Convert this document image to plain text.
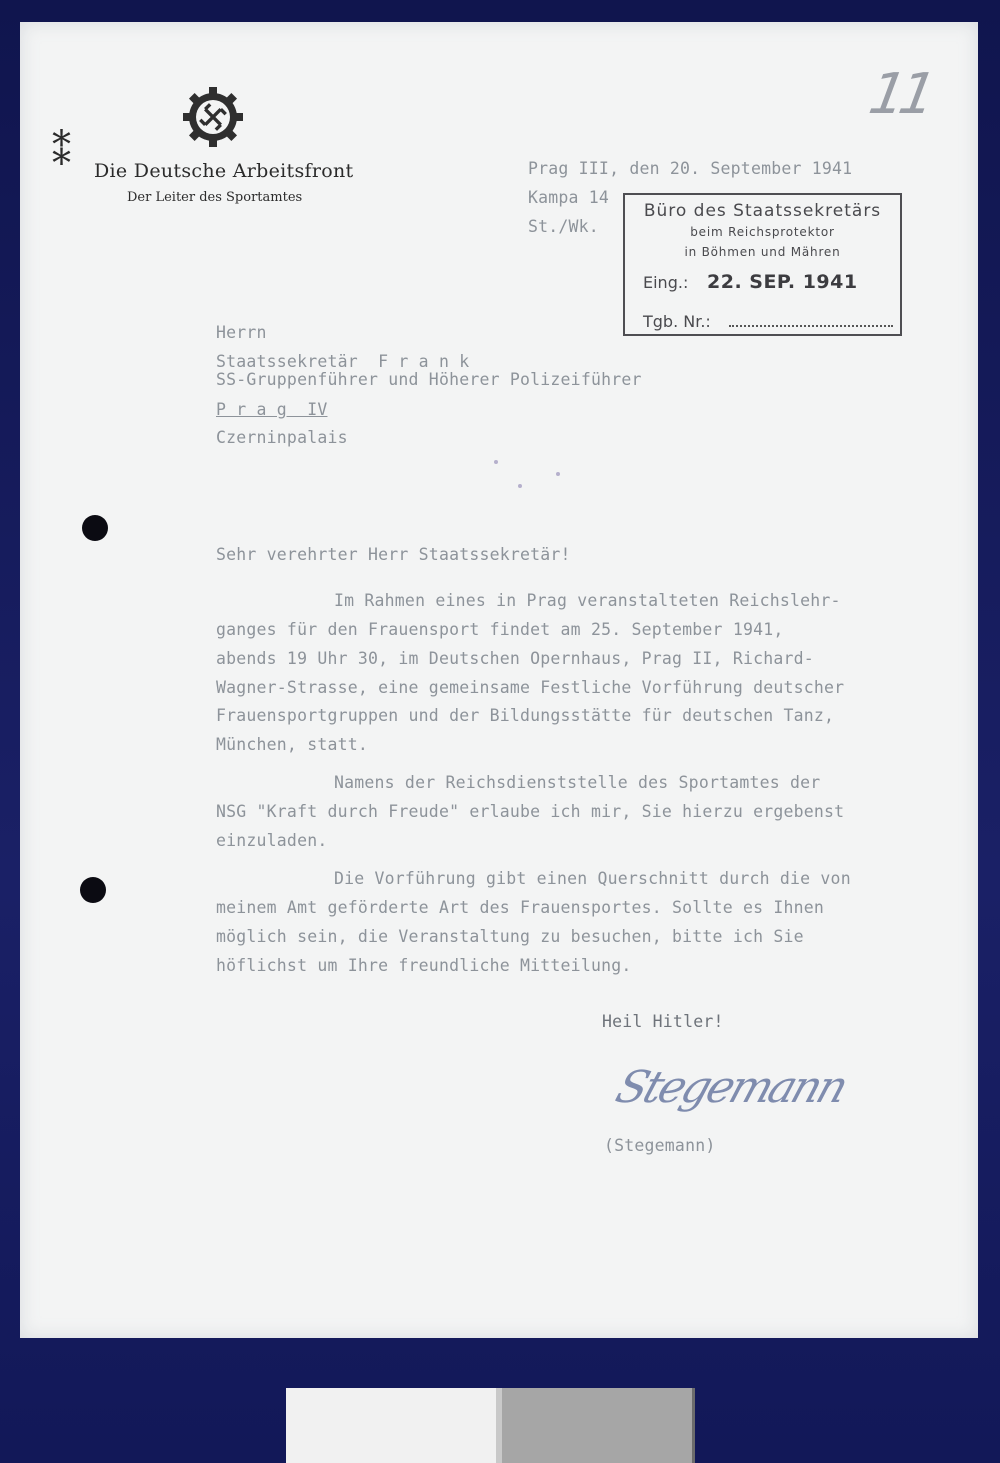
⁑ Die Deutsche Arbeitsfront
Der Leiter des Sportamtes
11
Prag III, den 20. September 1941
Kampa 14
St./Wk.
Büro des Staatssekretärs
beim Reichsprotektor
in Böhmen und Mähren
Eing.: 22. SEP. 1941
Tgb. Nr.:
Herrn
Staatssekretär  F r a n k
SS-Gruppenführer und Höherer Polizeiführer
P r a g  IV
Czerninpalais
Sehr verehrter Herr Staatssekretär!
Im Rahmen eines in Prag veranstalteten Reichslehr-
ganges für den Frauensport findet am 25. September 1941,
abends 19 Uhr 30, im Deutschen Opernhaus, Prag II, Richard-
Wagner-Strasse, eine gemeinsame Festliche Vorführung deutscher
Frauensportgruppen und der Bildungsstätte für deutschen Tanz,
München, statt.
Namens der Reichsdienststelle des Sportamtes der
NSG "Kraft durch Freude" erlaube ich mir, Sie hierzu ergebenst
einzuladen.
Die Vorführung gibt einen Querschnitt durch die von
meinem Amt geförderte Art des Frauensportes. Sollte es Ihnen
möglich sein, die Veranstaltung zu besuchen, bitte ich Sie
höflichst um Ihre freundliche Mitteilung.
Heil Hitler!
Stegemann
(Stegemann)
